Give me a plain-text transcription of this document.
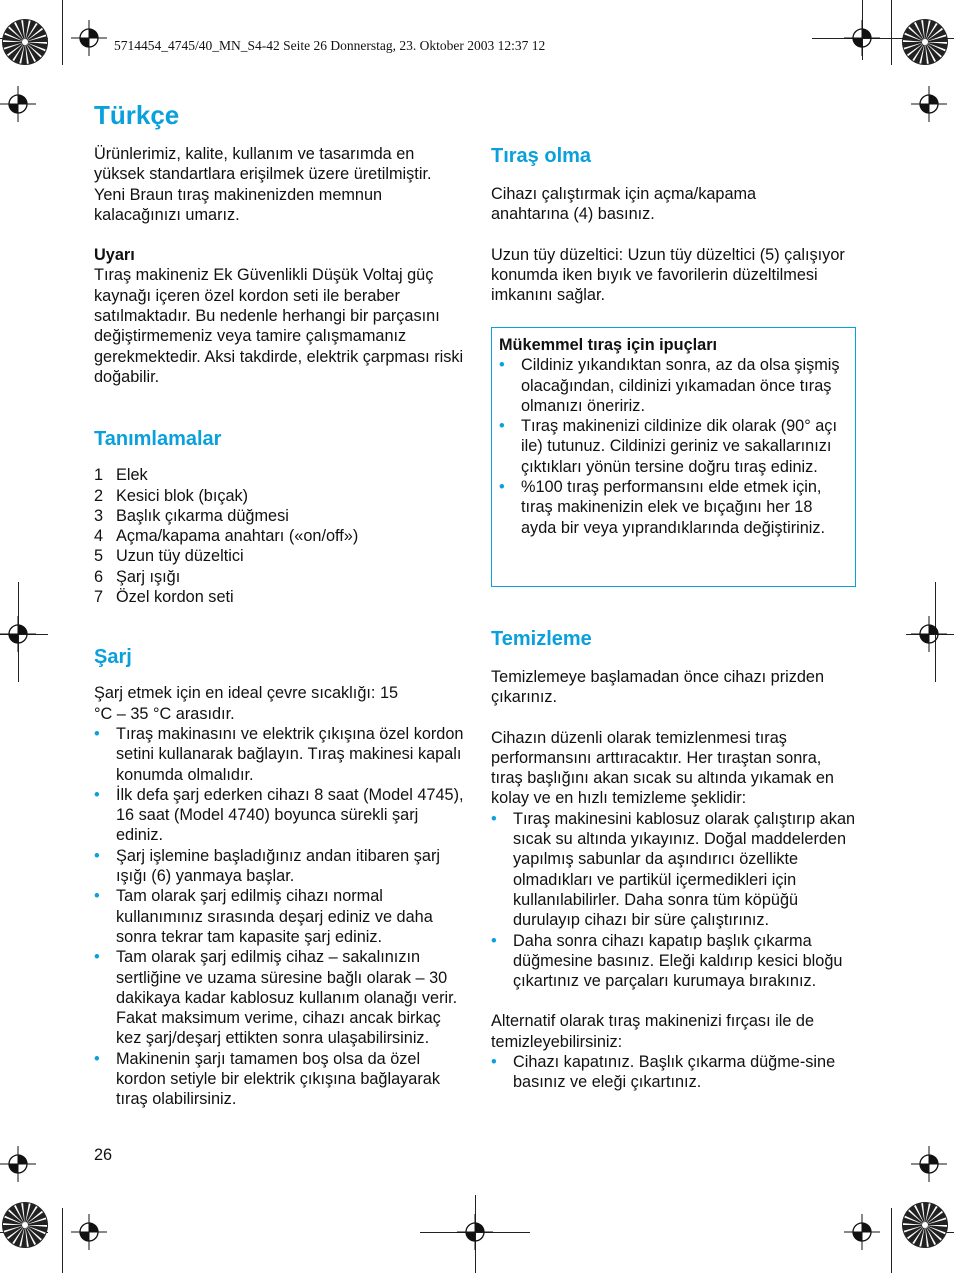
5714454_4745/40_MN_S4-42 Seite 26 Donnerstag, 23. Oktober 2003 12:37 12
Türkçe

Ürünlerimiz, kalite, kullanım ve tasarımda en yüksek standartlara erişilmek üzere üretilmiştir. Yeni Braun tıraş makinenizden memnun kalacağınızı umarız.

Uyarı

Tıraş makineniz Ek Güvenlikli Düşük Voltaj güç kaynağı içeren özel kordon seti ile beraber satılmaktadır. Bu nedenle herhangi bir parçasını değiştirmemeniz veya tamire çalışmamanız gerekmektedir. Aksi takdirde, elektrik çarpması riski doğabilir.

Tanımlamalar
1 Elek
2 Kesici blok (bıçak)
3 Başlık çıkarma düğmesi
4 Açma/kapama anahtarı («on/off»)
5 Uzun tüy düzeltici
6 Şarj ışığı
7 Özel kordon seti
Şarj

Şarj etmek için en ideal çevre sıcaklığı: 15 °C – 35 °C arasıdır.

• Tıraş makinasını ve elektrik çıkışına özel kordon setini kullanarak bağlayın. Tıraş makinesi kapalı konumda olmalıdır.
• İlk defa şarj ederken cihazı 8 saat (Model 4745), 16 saat (Model 4740) boyunca sürekli şarj ediniz.
• Şarj işlemine başladığınız andan itibaren şarj ışığı (6) yanmaya başlar.
• Tam olarak şarj edilmiş cihazı normal kullanımınız sırasında deşarj ediniz ve daha sonra tekrar tam kapasite şarj ediniz.
• Tam olarak şarj edilmiş cihaz – sakalınızın sertliğine ve uzama süresine bağlı olarak – 30 dakikaya kadar kablosuz kullanım olanağı verir. Fakat maksimum verime, cihazı ancak birkaç kez şarj/deşarj ettikten sonra ulaşabilirsiniz.
• Makinenin şarjı tamamen boş olsa da özel kordon setiyle bir elektrik çıkışına bağlayarak tıraş olabilirsiniz.
Tıraş olma

Cihazı çalıştırmak için açma/kapama anahtarına (4) basınız.

Uzun tüy düzeltici: Uzun tüy düzeltici (5) çalışıyor konumda iken bıyık ve favorilerin düzeltilmesi imkanını sağlar.

Mükemmel tıraş için ipuçları

• Cildiniz yıkandıktan sonra, az da olsa şişmiş olacağından, cildinizi yıkamadan önce tıraş olmanızı öneririz.
• Tıraş makinenizi cildinize dik olarak (90° açı ile) tutunuz. Cildinizi geriniz ve sakallarınızı çıktıkları yönün tersine doğru tıraş ediniz.
• %100 tıraş performansını elde etmek için, tıraş makinenizin elek ve bıçağını her 18 ayda bir veya yıprandıklarında değiştiriniz.
Temizleme

Temizlemeye başlamadan önce cihazı prizden çıkarınız.

Cihazın düzenli olarak temizlenmesi tıraş performansını arttıracaktır. Her tıraştan sonra, tıraş başlığını akan sıcak su altında yıkamak en kolay ve en hızlı temizleme şeklidir:

• Tıraş makinesini kablosuz olarak çalıştırıp akan sıcak su altında yıkayınız. Doğal maddelerden yapılmış sabunlar da aşındırıcı özellikte olmadıkları ve partikül içermedikleri için kullanılabilirler. Daha sonra tüm köpüğü durulayıp cihazı bir süre çalıştırınız.
• Daha sonra cihazı kapatıp başlık çıkarma düğmesine basınız. Eleği kaldırıp kesici bloğu çıkartınız ve parçaları kurumaya bırakınız.

Alternatif olarak tıraş makinenizi fırçası ile de temizleyebilirsiniz:

• Cihazı kapatınız. Başlık çıkarma düğme-sine basınız ve eleği çıkartınız.
26
